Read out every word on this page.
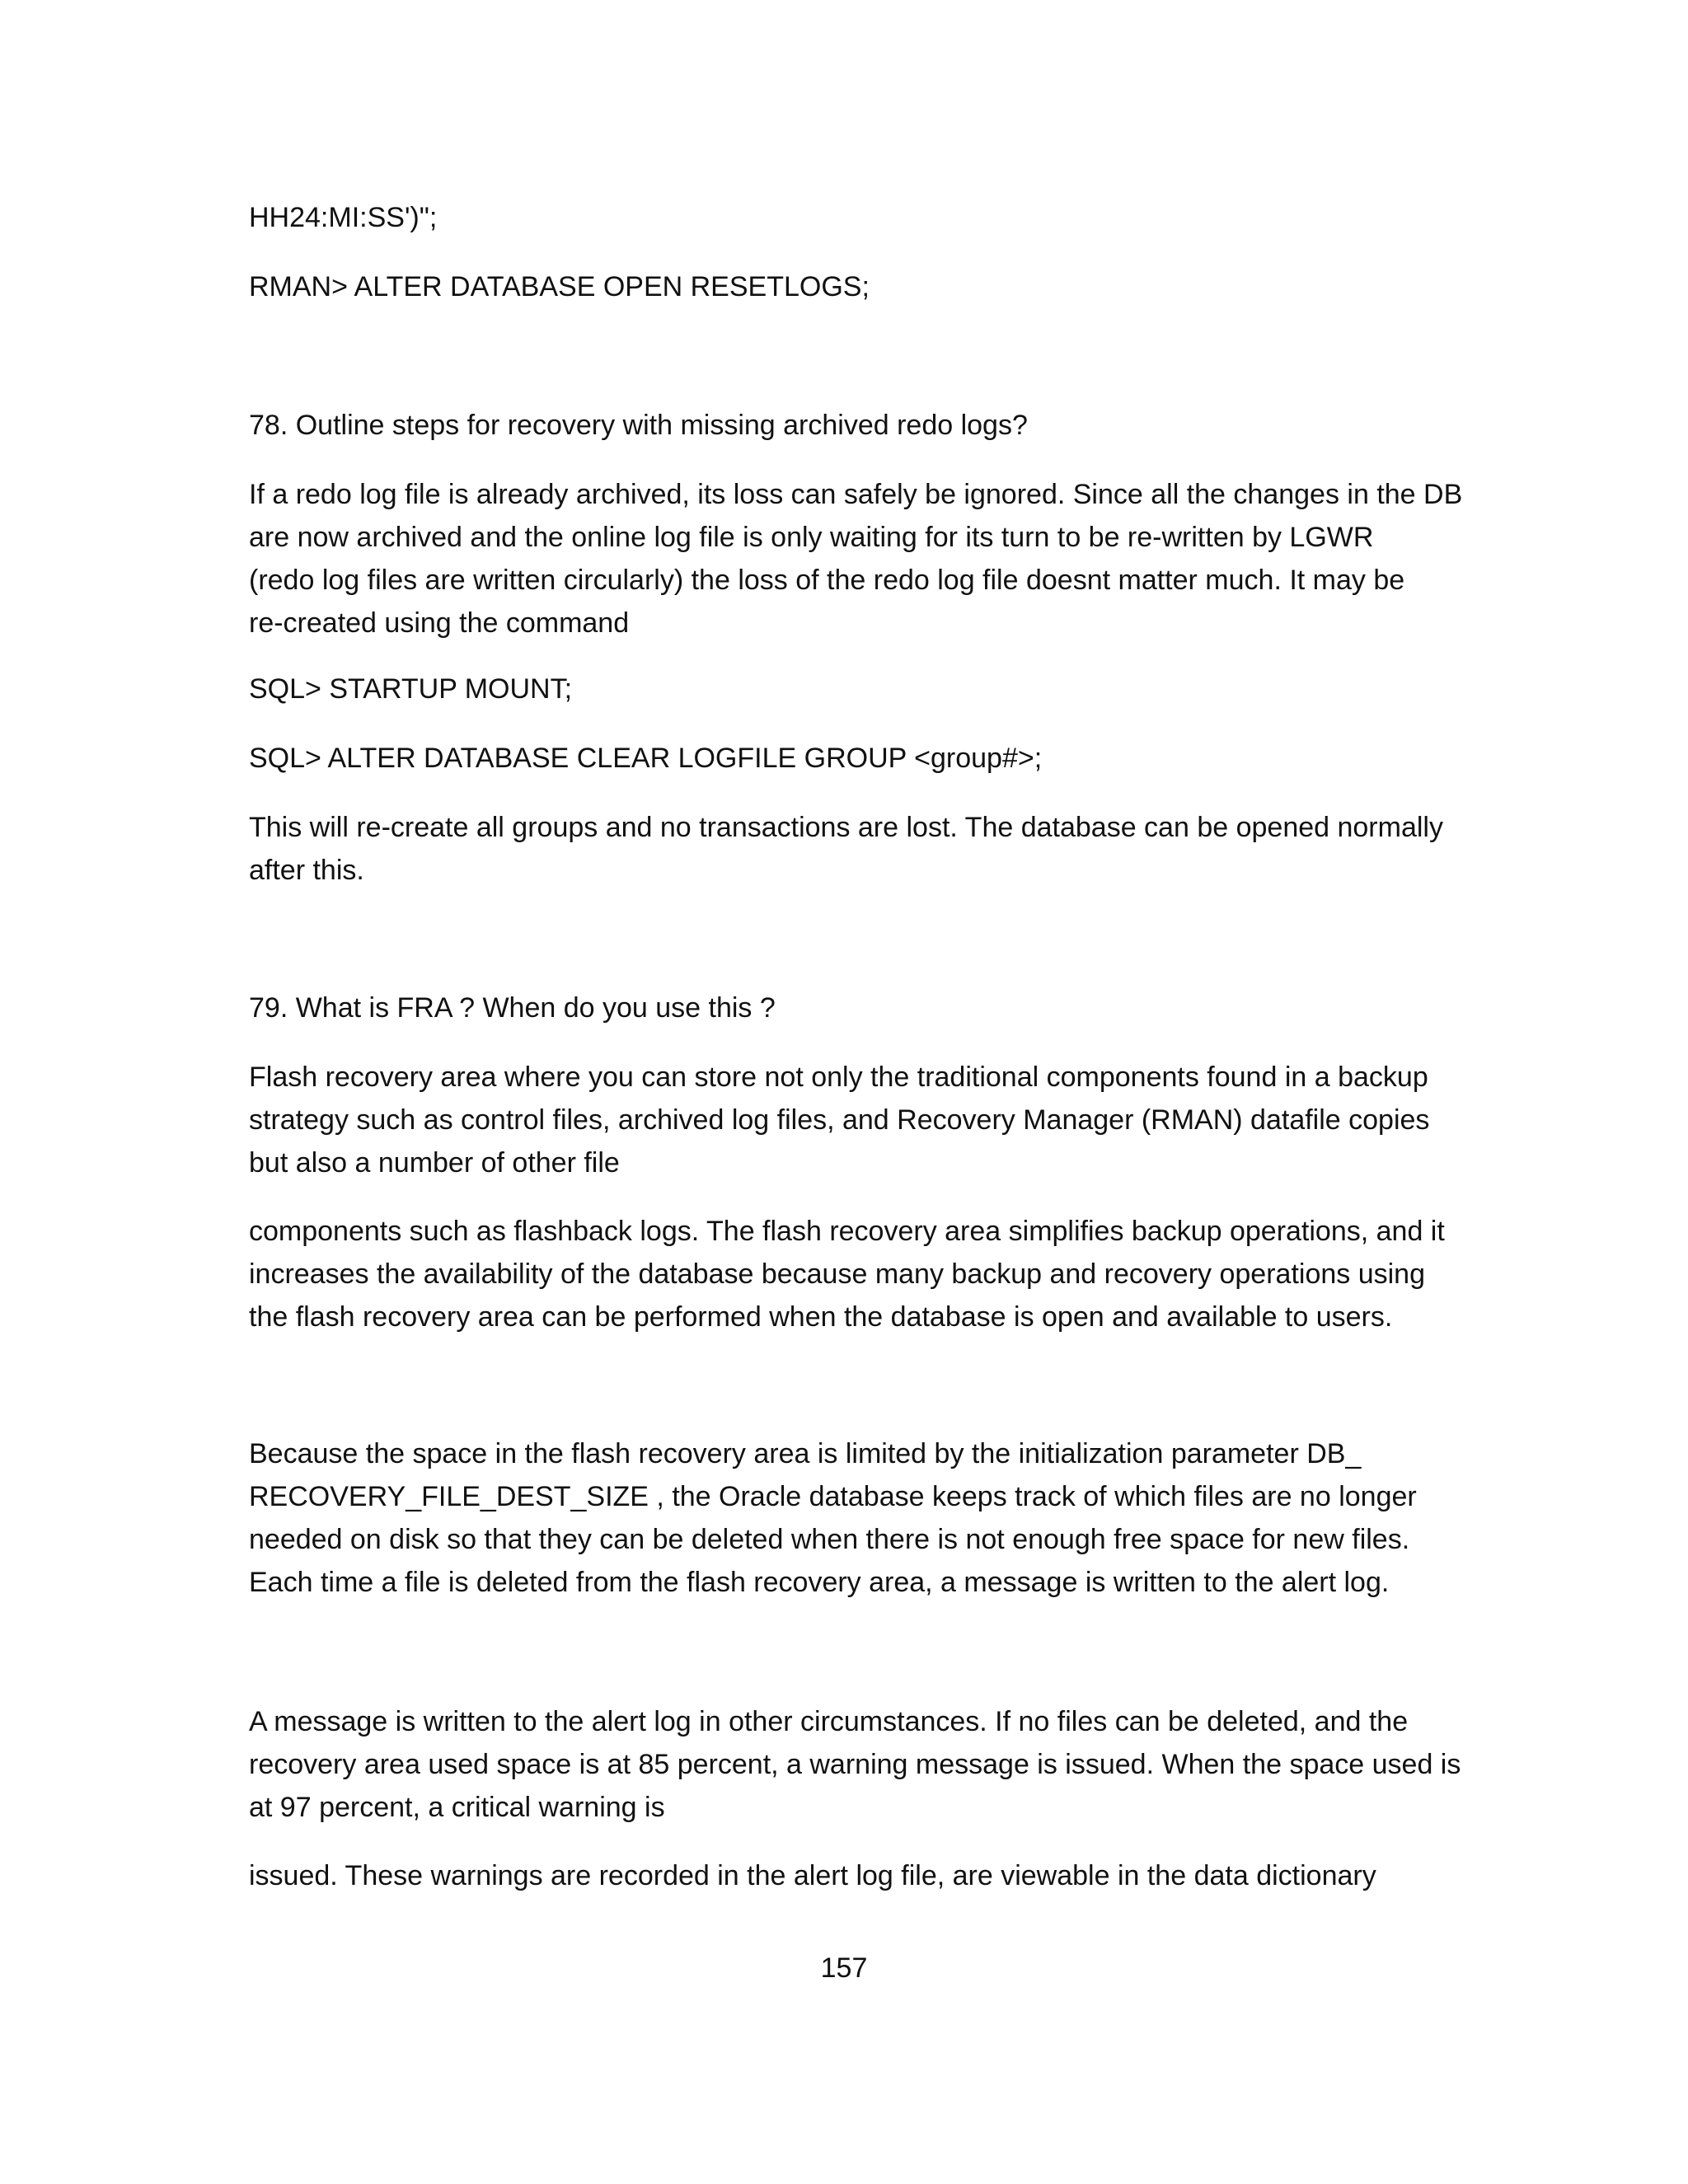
HH24:MI:SS')";

RMAN> ALTER DATABASE OPEN RESETLOGS;

78. Outline steps for recovery with missing archived redo logs?

If a redo log file is already archived, its loss can safely be ignored. Since all the changes in the DB
are now archived and the online log file is only waiting for its turn to be re-written by LGWR
(redo log files are written circularly) the loss of the redo log file doesnt matter much. It may be
re-created using the command

SQL> STARTUP MOUNT;

SQL> ALTER DATABASE CLEAR LOGFILE GROUP <group#>;

This will re-create all groups and no transactions are lost. The database can be opened normally
after this.

79. What is FRA ? When do you use this ?

Flash recovery area where you can store not only the traditional components found in a backup
strategy such as control files, archived log files, and Recovery Manager (RMAN) datafile copies
but also a number of other file

components such as flashback logs. The flash recovery area simplifies backup operations, and it
increases the availability of the database because many backup and recovery operations using
the flash recovery area can be performed when the database is open and available to users.

Because the space in the flash recovery area is limited by the initialization parameter DB_
RECOVERY_FILE_DEST_SIZE , the Oracle database keeps track of which files are no longer
needed on disk so that they can be deleted when there is not enough free space for new files.
Each time a file is deleted from the flash recovery area, a message is written to the alert log.

A message is written to the alert log in other circumstances. If no files can be deleted, and the
recovery area used space is at 85 percent, a warning message is issued. When the space used is
at 97 percent, a critical warning is

issued. These warnings are recorded in the alert log file, are viewable in the data dictionary

157
